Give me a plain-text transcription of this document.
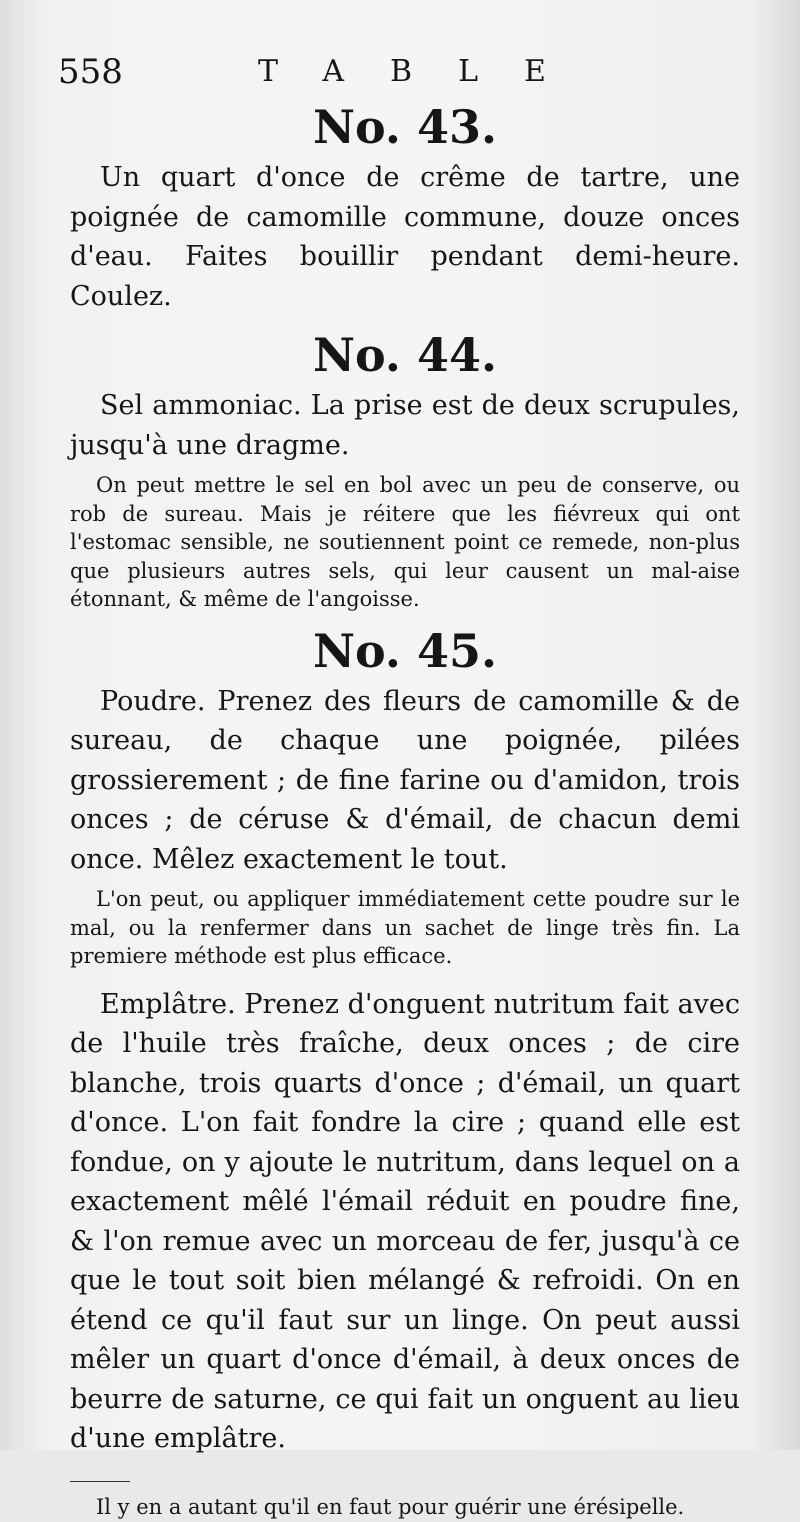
558	TABLE
No. 43.

Un quart d'once de crême de tartre, une poignée de camomille commune, douze onces d'eau. Faites bouillir pendant demi-heure. Coulez.

No. 44.

Sel ammoniac. La prise est de deux scrupules, jusqu'à une dragme.

On peut mettre le sel en bol avec un peu de conserve, ou rob de sureau. Mais je réitere que les fiévreux qui ont l'estomac sensible, ne soutiennent point ce remede, non-plus que plusieurs autres sels, qui leur causent un mal-aise étonnant, & même de l'angoisse.

No. 45.

Poudre. Prenez des fleurs de camomille & de sureau, de chaque une poignée, pilées grossierement ; de fine farine ou d'amidon, trois onces ; de céruse & d'émail, de chacun demi once. Mêlez exactement le tout.

L'on peut, ou appliquer immédiatement cette poudre sur le mal, ou la renfermer dans un sachet de linge très fin. La premiere méthode est plus efficace.

Emplâtre. Prenez d'onguent nutritum fait avec de l'huile très fraîche, deux onces ; de cire blanche, trois quarts d'once ; d'émail, un quart d'once. L'on fait fondre la cire ; quand elle est fondue, on y ajoute le nutritum, dans lequel on a exactement mêlé l'émail réduit en poudre fine, & l'on remue avec un morceau de fer, jusqu'à ce que le tout soit bien mélangé & refroidi. On en étend ce qu'il faut sur un linge. On peut aussi mêler un quart d'once d'émail, à deux onces de beurre de saturne, ce qui fait un onguent au lieu d'une emplâtre.

Il y en a autant qu'il en faut pour guérir une érésipelle.
